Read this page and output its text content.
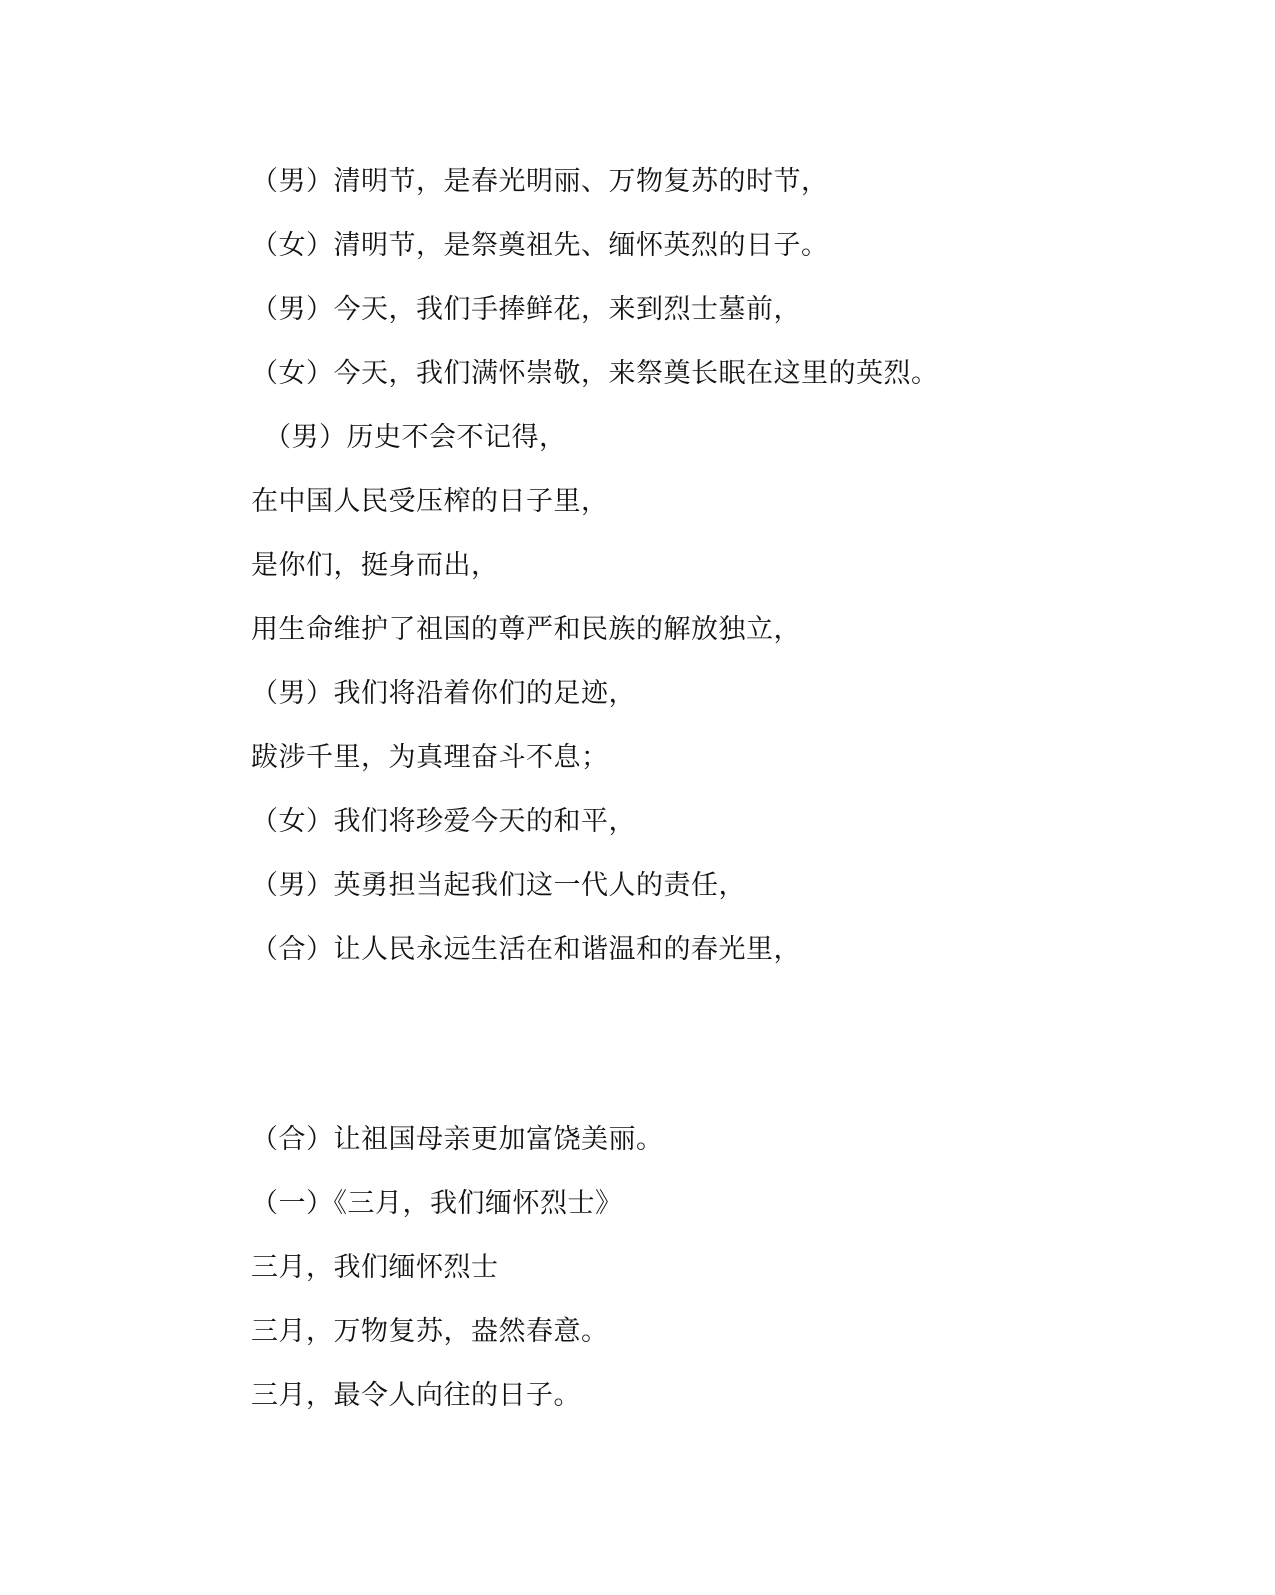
（男）清明节，是春光明丽、万物复苏的时节，
（女）清明节，是祭奠祖先、缅怀英烈的日子。
（男）今天，我们手捧鲜花，来到烈士墓前，
（女）今天，我们满怀崇敬，来祭奠长眠在这里的英烈。
（男）历史不会不记得，
在中国人民受压榨的日子里，
是你们，挺身而出，
用生命维护了祖国的尊严和民族的解放独立，
（男）我们将沿着你们的足迹，
跋涉千里，为真理奋斗不息；
（女）我们将珍爱今天的和平，
（男）英勇担当起我们这一代人的责任，
（合）让人民永远生活在和谐温和的春光里，
（合）让祖国母亲更加富饶美丽。
（一）《三月，我们缅怀烈士》
三月，我们缅怀烈士
三月，万物复苏，盎然春意。
三月，最令人向往的日子。
